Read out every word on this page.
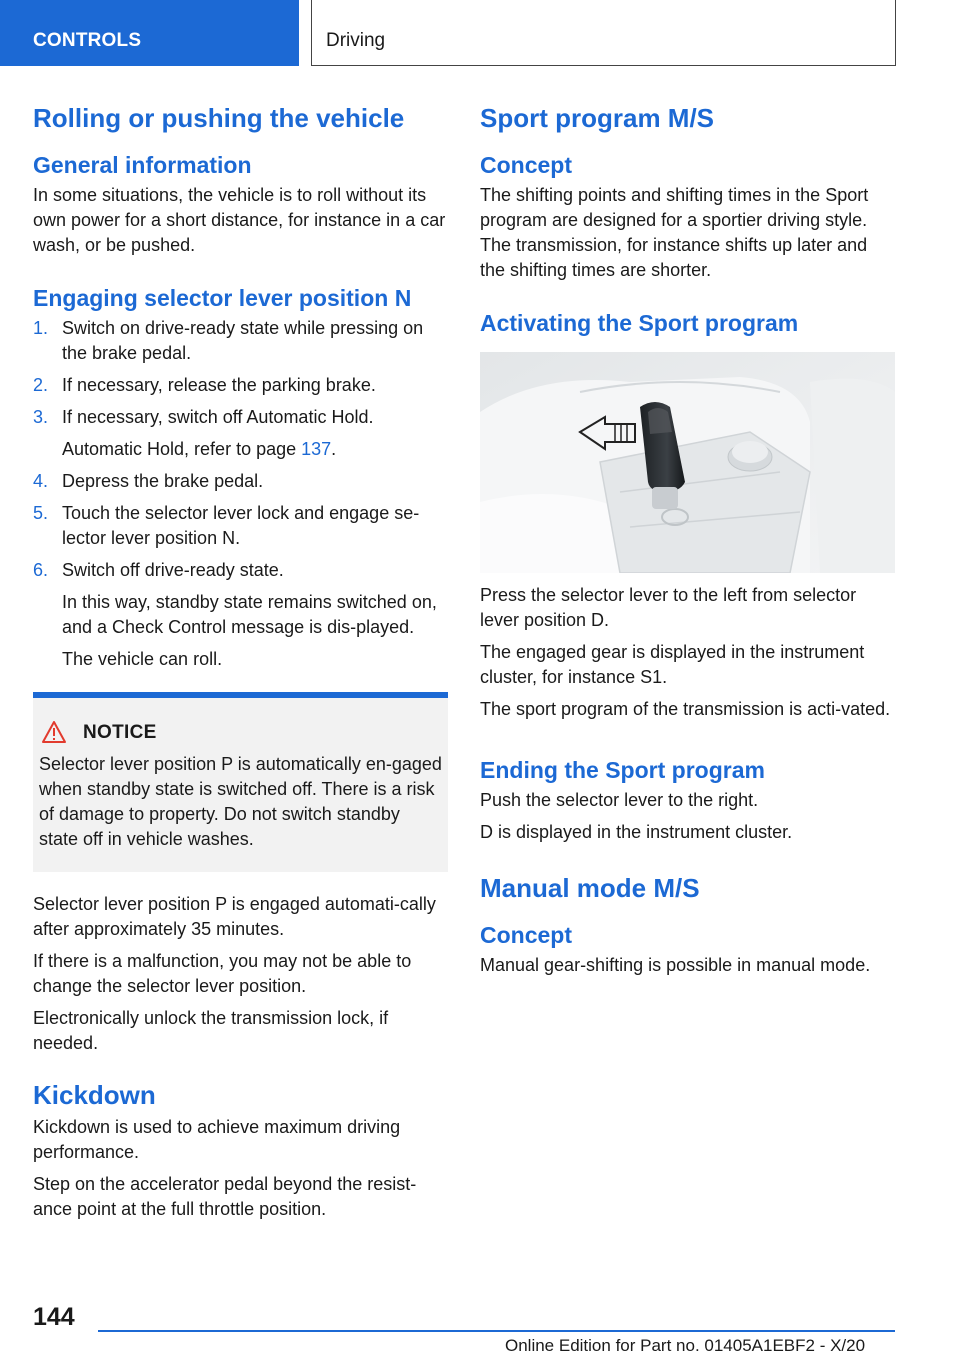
CONTROLS	Driving
Rolling or pushing the vehicle
General information
In some situations, the vehicle is to roll without its own power for a short distance, for instance in a car wash, or be pushed.
Engaging selector lever position N
1. Switch on drive-ready state while pressing on the brake pedal.
2. If necessary, release the parking brake.
3. If necessary, switch off Automatic Hold.
Automatic Hold, refer to page 137.
4. Depress the brake pedal.
5. Touch the selector lever lock and engage se-lector lever position N.
6. Switch off drive-ready state.
In this way, standby state remains switched on, and a Check Control message is dis-played.
The vehicle can roll.
NOTICE

Selector lever position P is automatically en-gaged when standby state is switched off. There is a risk of damage to property. Do not switch standby state off in vehicle washes.

Selector lever position P is engaged automati-cally after approximately 35 minutes.
If there is a malfunction, you may not be able to change the selector lever position.
Electronically unlock the transmission lock, if needed.
Kickdown
Kickdown is used to achieve maximum driving performance.
Step on the accelerator pedal beyond the resist-ance point at the full throttle position.
Sport program M/S
Concept
The shifting points and shifting times in the Sport program are designed for a sportier driving style. The transmission, for instance shifts up later and the shifting times are shorter.
Activating the Sport program
Press the selector lever to the left from selector lever position D.
The engaged gear is displayed in the instrument cluster, for instance S1.
The sport program of the transmission is acti-vated.
Ending the Sport program
Push the selector lever to the right.
D is displayed in the instrument cluster.
Manual mode M/S
Concept
Manual gear-shifting is possible in manual mode.
144
Online Edition for Part no. 01405A1EBF2 - X/20
